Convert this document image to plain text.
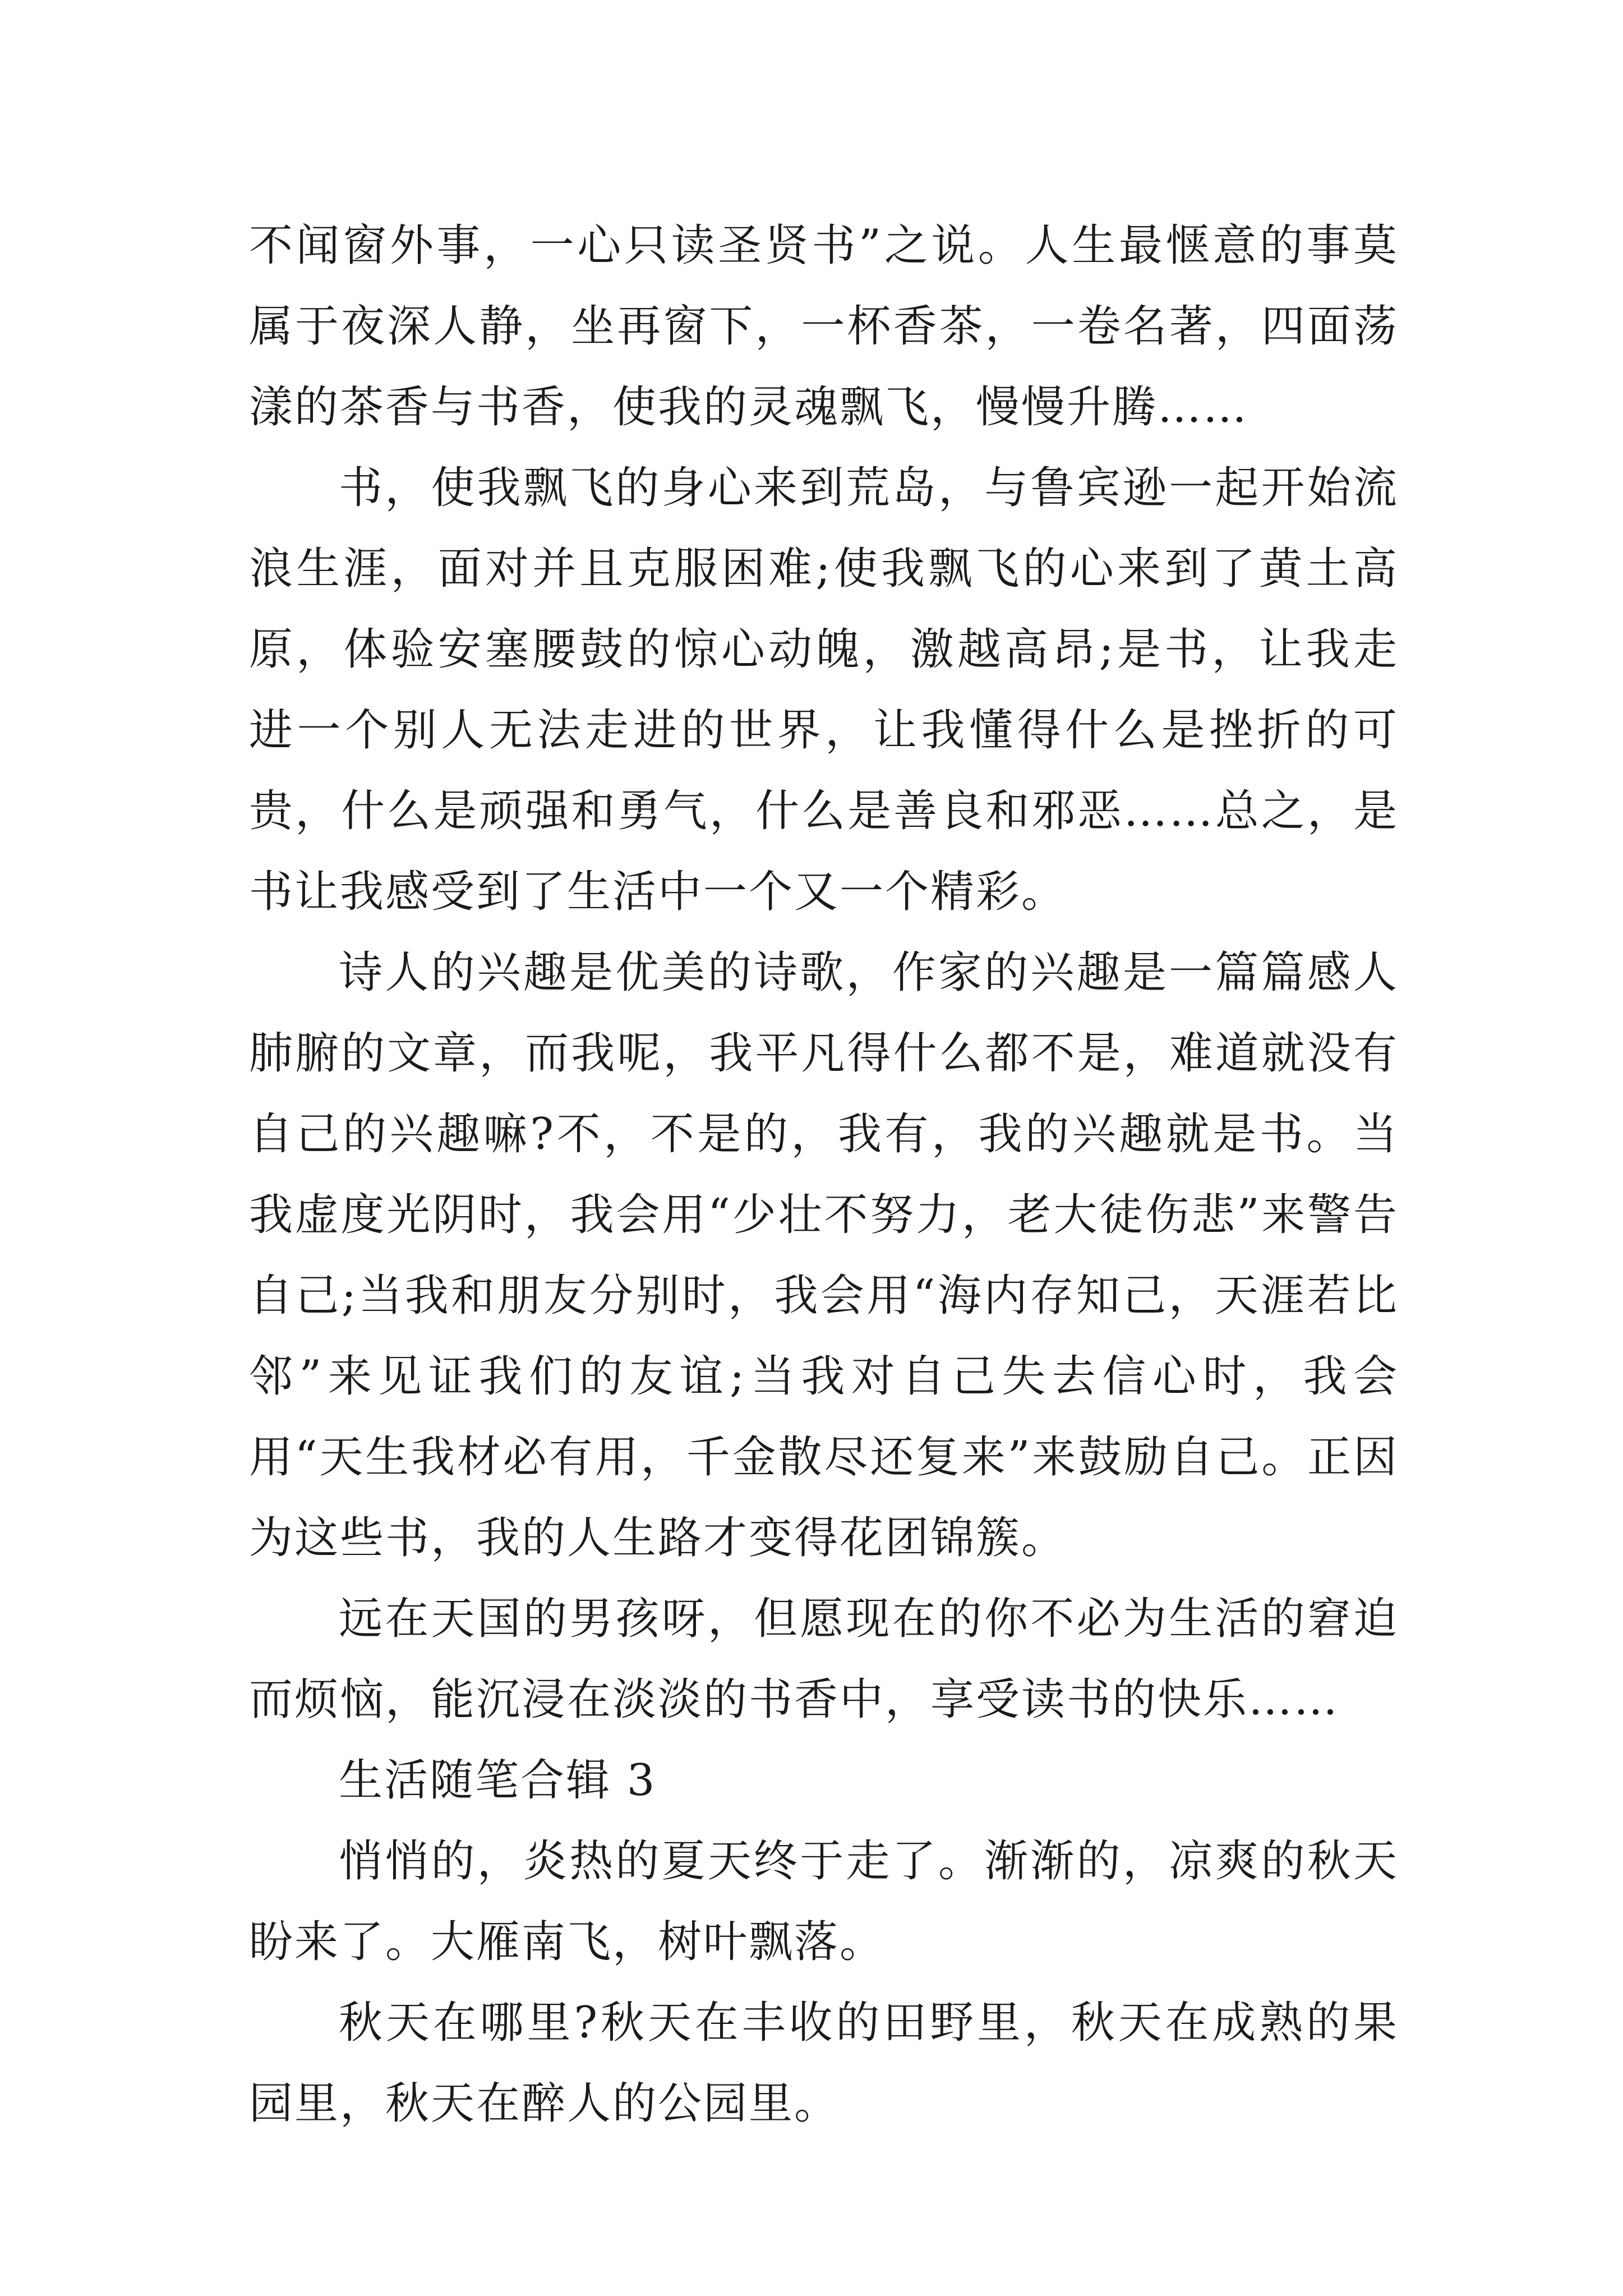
不闻窗外事，一心只读圣贤书”之说。人生最惬意的事莫属于夜深人静，坐再窗下，一杯香茶，一卷名著，四面荡漾的茶香与书香，使我的灵魂飘飞，慢慢升腾……

书，使我飘飞的身心来到荒岛，与鲁宾逊一起开始流浪生涯，面对并且克服困难;使我飘飞的心来到了黄土高原，体验安塞腰鼓的惊心动魄，激越高昂;是书，让我走进一个别人无法走进的世界，让我懂得什么是挫折的可贵，什么是顽强和勇气，什么是善良和邪恶……总之，是书让我感受到了生活中一个又一个精彩。

诗人的兴趣是优美的诗歌，作家的兴趣是一篇篇感人肺腑的文章，而我呢，我平凡得什么都不是，难道就没有自己的兴趣嘛?不，不是的，我有，我的兴趣就是书。当我虚度光阴时，我会用“少壮不努力，老大徒伤悲”来警告自己;当我和朋友分别时，我会用“海内存知己，天涯若比邻”来见证我们的友谊;当我对自己失去信心时，我会用“天生我材必有用，千金散尽还复来”来鼓励自己。正因为这些书，我的人生路才变得花团锦簇。

远在天国的男孩呀，但愿现在的你不必为生活的窘迫而烦恼，能沉浸在淡淡的书香中，享受读书的快乐……

生活随笔合辑 3

悄悄的，炎热的夏天终于走了。渐渐的，凉爽的秋天盼来了。大雁南飞，树叶飘落。

秋天在哪里?秋天在丰收的田野里，秋天在成熟的果园里，秋天在醉人的公园里。
